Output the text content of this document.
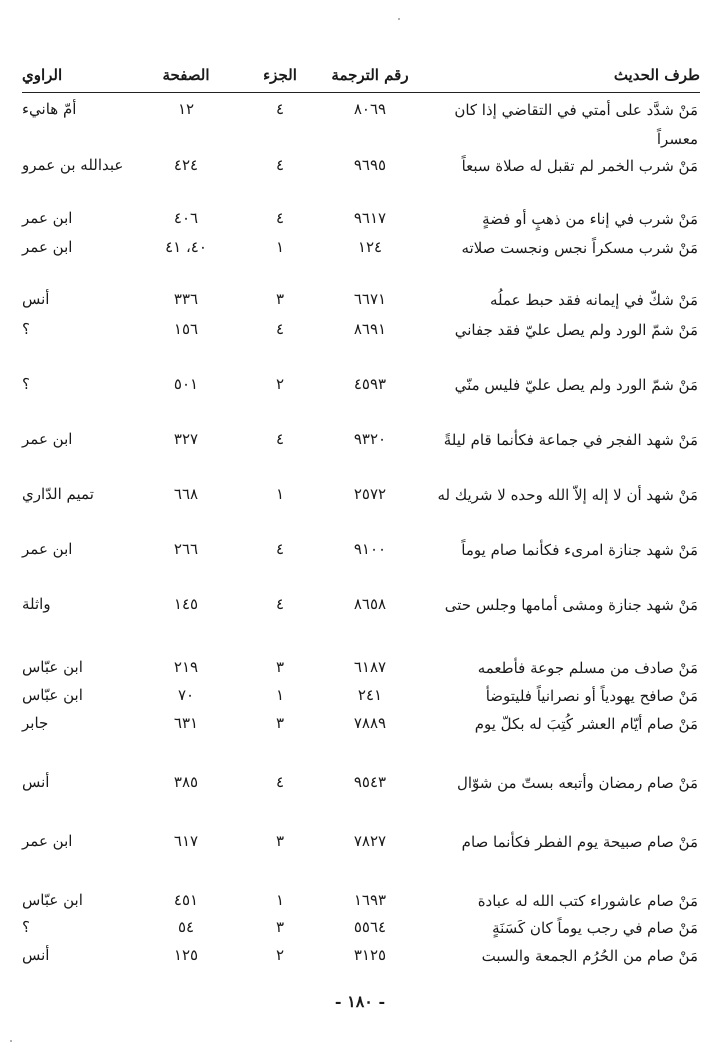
طرف الحديث
رقم الترجمة
الجزء
الصفحة
الراوي
مَنْ شدَّد على أمتي في التقاضي إذا كان معسراً
٨٠٦٩
٤
١٢
أمّ هانيء
مَنْ شرب الخمر لم تقبل له صلاة سبعاً
٩٦٩٥
٤
٤٢٤
عبدالله بن عمرو
مَنْ شرب في إناء من ذهبٍ أو فضةٍ
٩٦١٧
٤
٤٠٦
ابن عمر
مَنْ شرب مسكراً نجس ونجست صلاته
١٢٤
١
٤٠، ٤١
ابن عمر
مَنْ شكّ في إيمانه فقد حبط عملُه
٦٦٧١
٣
٣٣٦
أنس
مَنْ شمّ الورد ولم يصل عليّ فقد جفاني
٨٦٩١
٤
١٥٦
؟
مَنْ شمّ الورد ولم يصل عليّ فليس منّي
٤٥٩٣
٢
٥٠١
؟
مَنْ شهد الفجر في جماعة فكأنما قام ليلةً
٩٣٢٠
٤
٣٢٧
ابن عمر
مَنْ شهد أن لا إله إلاّ الله وحده لا شريك له
٢٥٧٢
١
٦٦٨
تميم الدّاري
مَنْ شهد جنازة امرىء فكأنما صام يوماً
٩١٠٠
٤
٢٦٦
ابن عمر
مَنْ شهد جنازة ومشى أمامها وجلس حتى
٨٦٥٨
٤
١٤٥
واثلة
مَنْ صادف من مسلم جوعة فأطعمه
٦١٨٧
٣
٢١٩
ابن عبّاس
مَنْ صافح يهودياً أو نصرانياً فليتوضأ
٢٤١
١
٧٠
ابن عبّاس
مَنْ صام أيّام العشر كُتِبَ له بكلّ يوم
٧٨٨٩
٣
٦٣١
جابر
مَنْ صام رمضان وأتبعه بستّ من شوّال
٩٥٤٣
٤
٣٨٥
أنس
مَنْ صام صبيحة يوم الفطر فكأنما صام
٧٨٢٧
٣
٦١٧
ابن عمر
مَنْ صام عاشوراء كتب الله له عبادة
١٦٩٣
١
٤٥١
ابن عبّاس
مَنْ صام في رجب يوماً كان كَسَنَةٍ
٥٥٦٤
٣
٥٤
؟
مَنْ صام من الحُرُم الجمعة والسبت
٣١٢٥
٢
١٢٥
أنس
- ١٨٠ -
